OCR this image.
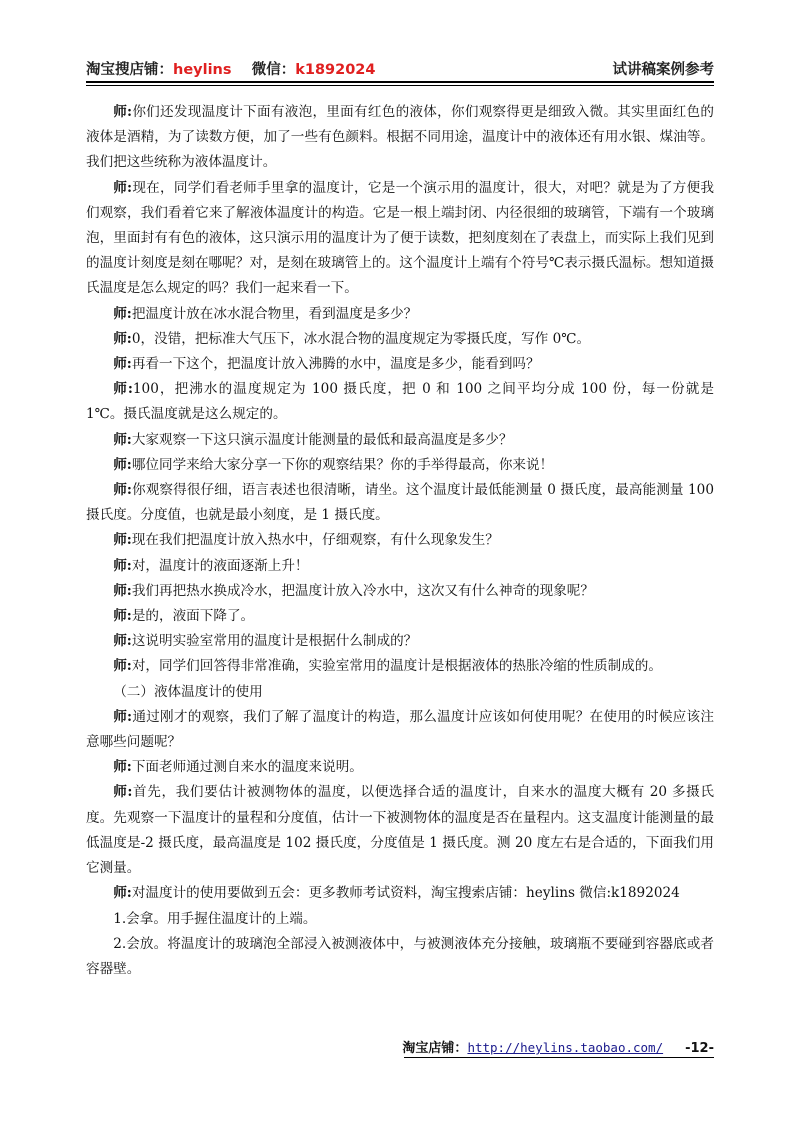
淘宝搜店铺：heylins 微信：k1892024	试讲稿案例参考

师:你们还发现温度计下面有液泡，里面有红色的液体，你们观察得更是细致入微。其实里面红色的液体是酒精，为了读数方便，加了一些有色颜料。根据不同用途，温度计中的液体还有用水银、煤油等。我们把这些统称为液体温度计。

师:现在，同学们看老师手里拿的温度计，它是一个演示用的温度计，很大，对吧？就是为了方便我们观察，我们看着它来了解液体温度计的构造。它是一根上端封闭、内径很细的玻璃管，下端有一个玻璃泡，里面封有有色的液体，这只演示用的温度计为了便于读数，把刻度刻在了表盘上，而实际上我们见到的温度计刻度是刻在哪呢？对，是刻在玻璃管上的。这个温度计上端有个符号℃表示摄氏温标。想知道摄氏温度是怎么规定的吗？我们一起来看一下。

师:把温度计放在冰水混合物里，看到温度是多少？

师:0，没错，把标准大气压下，冰水混合物的温度规定为零摄氏度，写作 0℃。

师:再看一下这个，把温度计放入沸腾的水中，温度是多少，能看到吗？

师:100，把沸水的温度规定为 100 摄氏度，把 0 和 100 之间平均分成 100 份，每一份就是 1℃。摄氏温度就是这么规定的。

师:大家观察一下这只演示温度计能测量的最低和最高温度是多少？

师:哪位同学来给大家分享一下你的观察结果？你的手举得最高，你来说！

师:你观察得很仔细，语言表述也很清晰，请坐。这个温度计最低能测量 0 摄氏度，最高能测量 100 摄氏度。分度值，也就是最小刻度，是 1 摄氏度。

师:现在我们把温度计放入热水中，仔细观察，有什么现象发生？

师:对，温度计的液面逐渐上升！

师:我们再把热水换成冷水，把温度计放入冷水中，这次又有什么神奇的现象呢？

师:是的，液面下降了。

师:这说明实验室常用的温度计是根据什么制成的？

师:对，同学们回答得非常准确，实验室常用的温度计是根据液体的热胀冷缩的性质制成的。

（二）液体温度计的使用

师:通过刚才的观察，我们了解了温度计的构造，那么温度计应该如何使用呢？在使用的时候应该注意哪些问题呢？

师:下面老师通过测自来水的温度来说明。

师:首先，我们要估计被测物体的温度，以便选择合适的温度计，自来水的温度大概有 20 多摄氏度。先观察一下温度计的量程和分度值，估计一下被测物体的温度是否在量程内。这支温度计能测量的最低温度是-2 摄氏度，最高温度是 102 摄氏度，分度值是 1 摄氏度。测 20 度左右是合适的，下面我们用它测量。

师:对温度计的使用要做到五会：更多教师考试资料，淘宝搜索店铺：heylins 微信:k1892024

1.会拿。用手握住温度计的上端。

2.会放。将温度计的玻璃泡全部浸入被测液体中，与被测液体充分接触，玻璃瓶不要碰到容器底或者容器壁。

淘宝店铺：http://heylins.taobao.com/ -12-
